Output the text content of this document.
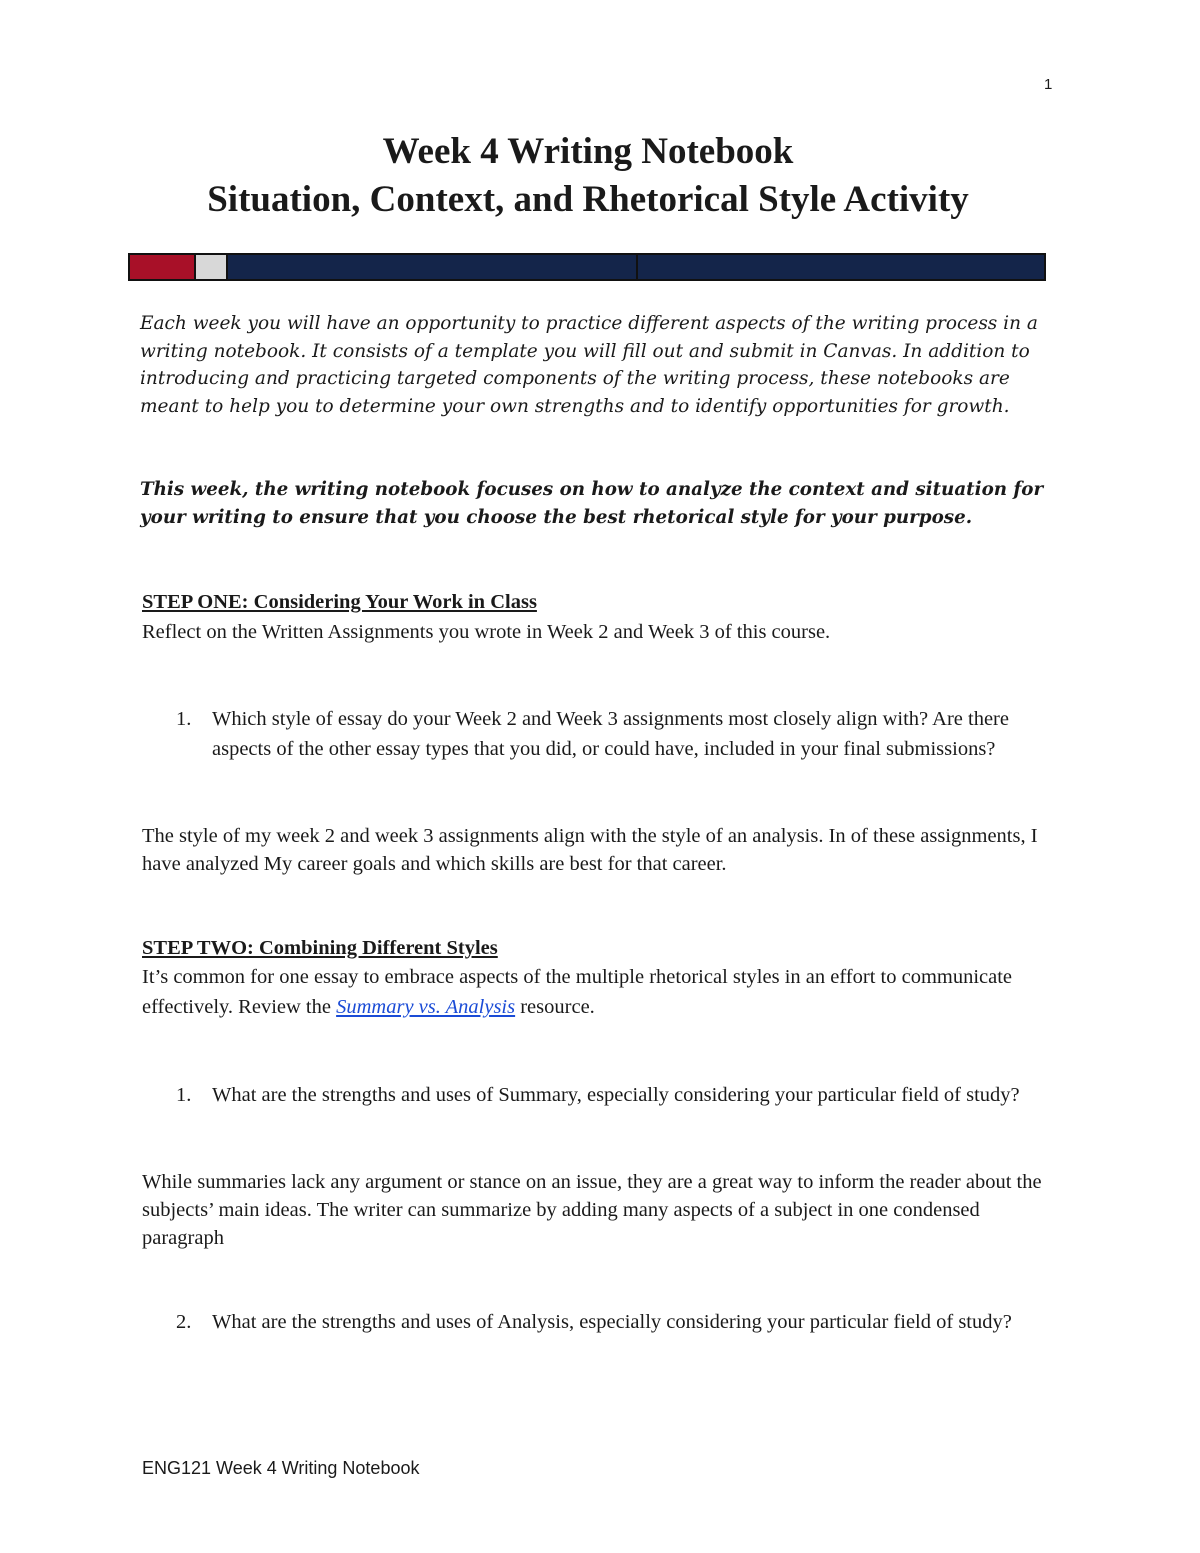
1
Week 4 Writing Notebook
Situation, Context, and Rhetorical Style Activity

Each week you will have an opportunity to practice different aspects of the writing process in a writing notebook. It consists of a template you will fill out and submit in Canvas. In addition to introducing and practicing targeted components of the writing process, these notebooks are meant to help you to determine your own strengths and to identify opportunities for growth.

This week, the writing notebook focuses on how to analyze the context and situation for your writing to ensure that you choose the best rhetorical style for your purpose.

STEP ONE: Considering Your Work in Class

Reflect on the Written Assignments you wrote in Week 2 and Week 3 of this course.

1.	Which style of essay do your Week 2 and Week 3 assignments most closely align with? Are there aspects of the other essay types that you did, or could have, included in your final submissions?

The style of my week 2 and week 3 assignments align with the style of an analysis. In of these assignments, I have analyzed My career goals and which skills are best for that career.

STEP TWO: Combining Different Styles

It’s common for one essay to embrace aspects of the multiple rhetorical styles in an effort to communicate effectively. Review the Summary vs. Analysis resource.

1.	What are the strengths and uses of Summary, especially considering your particular field of study?

While summaries lack any argument or stance on an issue, they are a great way to inform the reader about the subjects’ main ideas. The writer can summarize by adding many aspects of a subject in one condensed paragraph

2.	What are the strengths and uses of Analysis, especially considering your particular field of study?
ENG121 Week 4 Writing Notebook
